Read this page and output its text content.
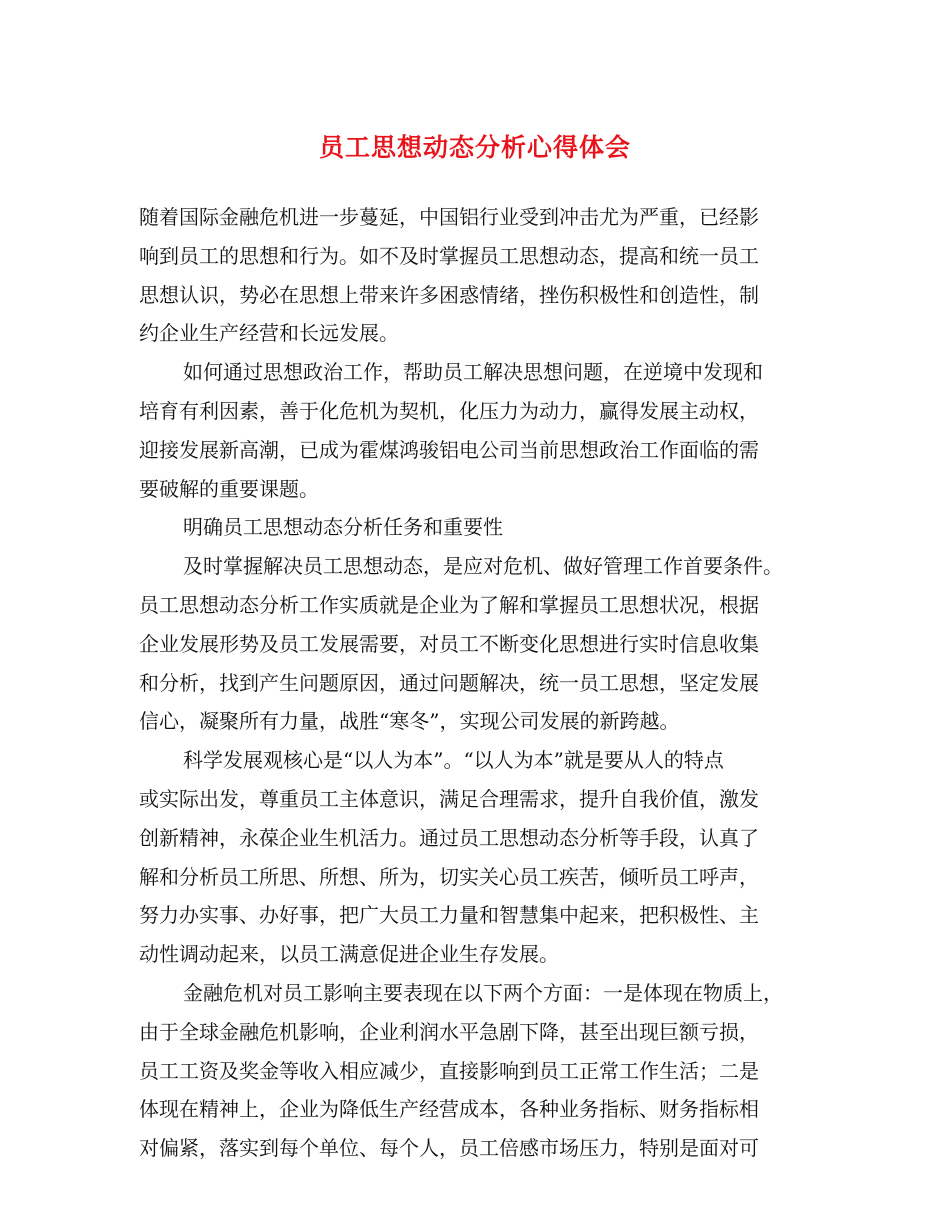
员工思想动态分析心得体会
随着国际金融危机进一步蔓延，中国铝行业受到冲击尤为严重，已经影
响到员工的思想和行为。如不及时掌握员工思想动态，提高和统一员工
思想认识，势必在思想上带来许多困惑情绪，挫伤积极性和创造性，制
约企业生产经营和长远发展。
如何通过思想政治工作，帮助员工解决思想问题，在逆境中发现和
培育有利因素，善于化危机为契机，化压力为动力，赢得发展主动权，
迎接发展新高潮，已成为霍煤鸿骏铝电公司当前思想政治工作面临的需
要破解的重要课题。
明确员工思想动态分析任务和重要性
及时掌握解决员工思想动态，是应对危机、做好管理工作首要条件。
员工思想动态分析工作实质就是企业为了解和掌握员工思想状况，根据
企业发展形势及员工发展需要，对员工不断变化思想进行实时信息收集
和分析，找到产生问题原因，通过问题解决，统一员工思想，坚定发展
信心，凝聚所有力量，战胜“寒冬”，实现公司发展的新跨越。
科学发展观核心是“以人为本”。“以人为本”就是要从人的特点
或实际出发，尊重员工主体意识，满足合理需求，提升自我价值，激发
创新精神，永葆企业生机活力。通过员工思想动态分析等手段，认真了
解和分析员工所思、所想、所为，切实关心员工疾苦，倾听员工呼声，
努力办实事、办好事，把广大员工力量和智慧集中起来，把积极性、主
动性调动起来，以员工满意促进企业生存发展。
金融危机对员工影响主要表现在以下两个方面：一是体现在物质上，
由于全球金融危机影响，企业利润水平急剧下降，甚至出现巨额亏损，
员工工资及奖金等收入相应减少，直接影响到员工正常工作生活；二是
体现在精神上，企业为降低生产经营成本，各种业务指标、财务指标相
对偏紧，落实到每个单位、每个人，员工倍感市场压力，特别是面对可
